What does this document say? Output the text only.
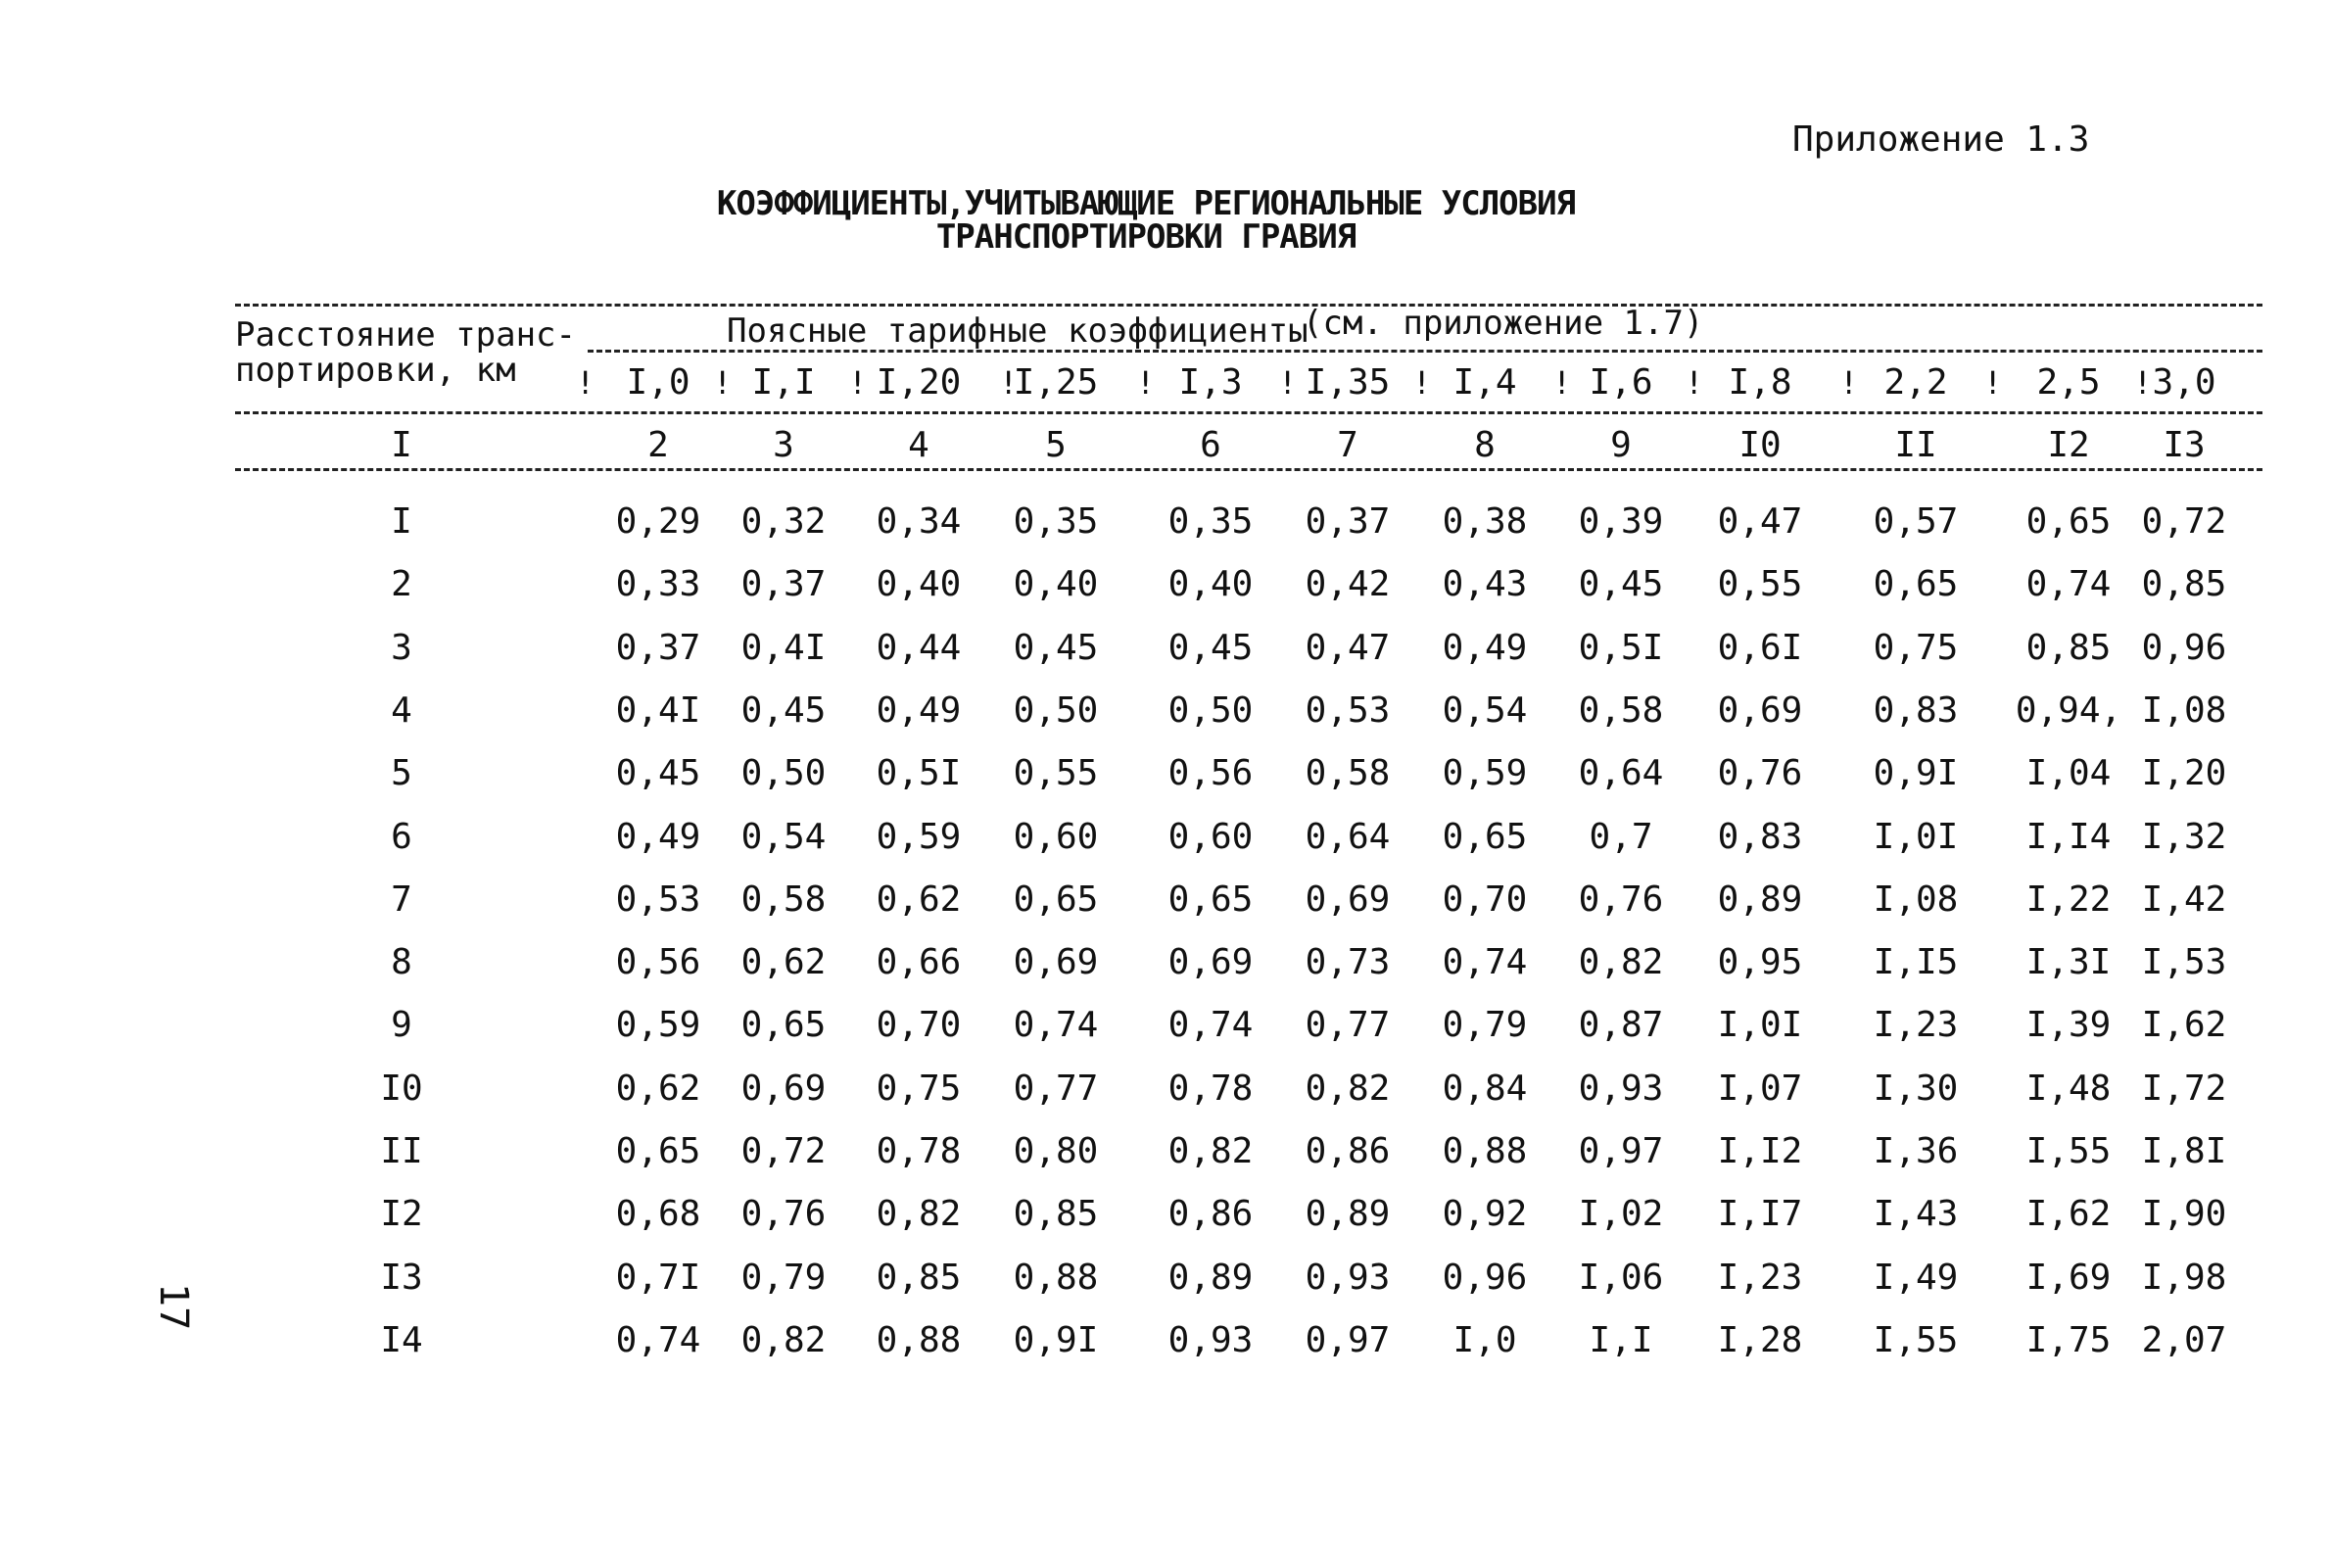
Приложение 1.3
КОЭФФИЦИЕНТЫ,УЧИТЫВАЮЩИЕ РЕГИОНАЛЬНЫЕ УСЛОВИЯ
ТРАНСПОРТИРОВКИ ГРАВИЯ
Расстояние транс-
портировки, км
Поясные тарифные коэффициенты
(см. приложение 1.7)
I,0	I,I	I,20	I,25	I,3	I,35	I,4	I,6	I,8	2,2	2,5	3,0
!	!	!	!	!	!	!	!	!	!	!	!
I	2	3	4	5	6	7	8	9	I0	II	I2	I3
I	0,29	0,32	0,34	0,35	0,35	0,37	0,38	0,39	0,47	0,57	0,65 0,72
2	0,33	0,37	0,40	0,40	0,40	0,42	0,43	0,45	0,55	0,65	0,74 0,85
3	0,37	0,4I	0,44	0,45	0,45	0,47	0,49	0,5I	0,6I	0,75	0,85 0,96
4	0,4I	0,45	0,49	0,50	0,50	0,53	0,54	0,58	0,69	0,83	0,94, I,08
5	0,45	0,50	0,5I	0,55	0,56	0,58	0,59	0,64	0,76	0,9I	I,04 I,20
6	0,49	0,54	0,59	0,60	0,60	0,64	0,65	0,7	0,83	I,0I	I,I4 I,32
7	0,53	0,58	0,62	0,65	0,65	0,69	0,70	0,76	0,89	I,08	I,22 I,42
8	0,56	0,62	0,66	0,69	0,69	0,73	0,74	0,82	0,95	I,I5	I,3I I,53
9	0,59	0,65	0,70	0,74	0,74	0,77	0,79	0,87	I,0I	I,23	I,39 I,62
I0	0,62	0,69	0,75	0,77	0,78	0,82	0,84	0,93	I,07	I,30	I,48 I,72
II	0,65	0,72	0,78	0,80	0,82	0,86	0,88	0,97	I,I2	I,36	I,55 I,8I
I2	0,68	0,76	0,82	0,85	0,86	0,89	0,92	I,02	I,I7	I,43	I,62 I,90
I3	0,7I	0,79	0,85	0,88	0,89	0,93	0,96	I,06	I,23	I,49	I,69 I,98
I4	0,74	0,82	0,88	0,9I	0,93	0,97	I,0	I,I	I,28	I,55	I,75 2,07
17
